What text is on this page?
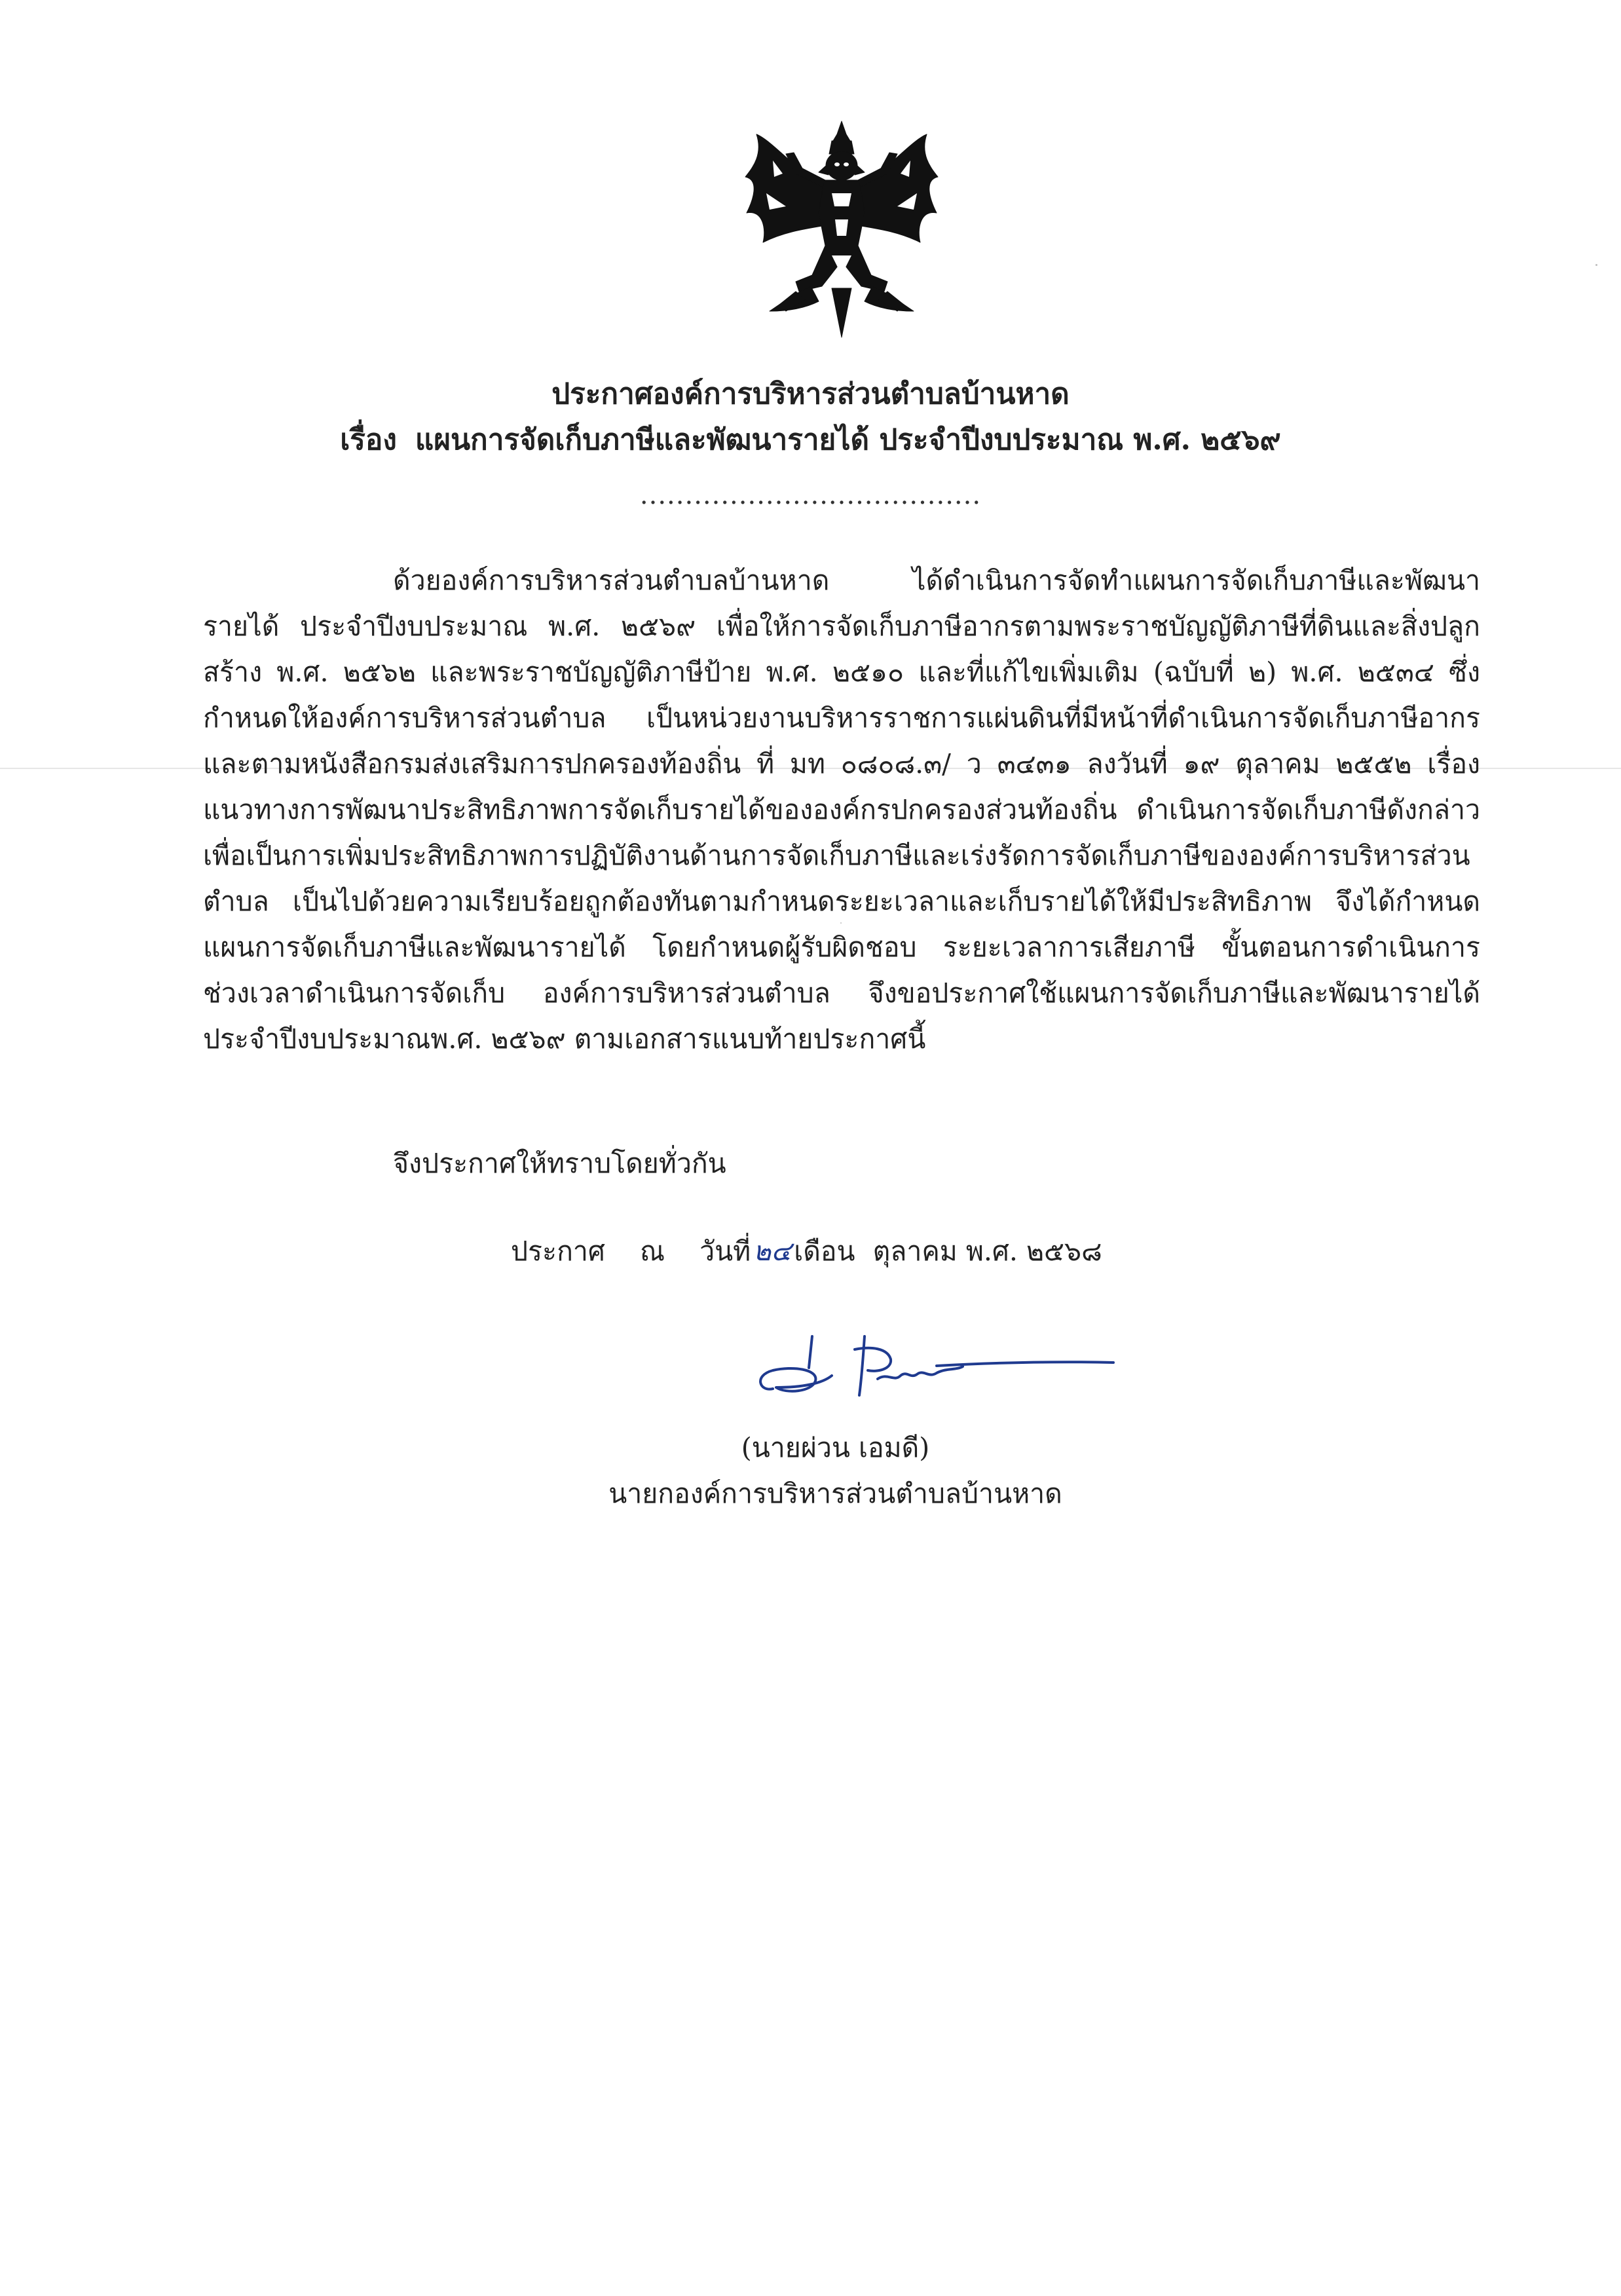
ประกาศองค์การบริหารส่วนตำบลบ้านหาด
เรื่อง แผนการจัดเก็บภาษีและพัฒนารายได้ ประจำปีงบประมาณ พ.ศ. ๒๕๖๙
......................................
ด้วยองค์การบริหารส่วนตำบลบ้านหาด ได้ดำเนินการจัดทำแผนการจัดเก็บภาษีและพัฒนา
รายได้ ประจำปีงบประมาณ พ.ศ. ๒๕๖๙ เพื่อให้การจัดเก็บภาษีอากรตามพระราชบัญญัติภาษีที่ดินและสิ่งปลูก
สร้าง พ.ศ. ๒๕๖๒ และพระราชบัญญัติภาษีป้าย พ.ศ. ๒๕๑๐ และที่แก้ไขเพิ่มเติม (ฉบับที่ ๒) พ.ศ. ๒๕๓๔ ซึ่ง
กำหนดให้องค์การบริหารส่วนตำบล เป็นหน่วยงานบริหารราชการแผ่นดินที่มีหน้าที่ดำเนินการจัดเก็บภาษีอากร
และตามหนังสือกรมส่งเสริมการปกครองท้องถิ่น ที่ มท ๐๘๐๘.๓/ ว ๓๔๓๑ ลงวันที่ ๑๙ ตุลาคม ๒๕๕๒ เรื่อง
แนวทางการพัฒนาประสิทธิภาพการจัดเก็บรายได้ขององค์กรปกครองส่วนท้องถิ่น ดำเนินการจัดเก็บภาษีดังกล่าว
เพื่อเป็นการเพิ่มประสิทธิภาพการปฏิบัติงานด้านการจัดเก็บภาษีและเร่งรัดการจัดเก็บภาษีขององค์การบริหารส่วน
ตำบล เป็นไปด้วยความเรียบร้อยถูกต้องทันตามกำหนดระยะเวลาและเก็บรายได้ให้มีประสิทธิภาพ จึงได้กำหนด
แผนการจัดเก็บภาษีและพัฒนารายได้ โดยกำหนดผู้รับผิดชอบ ระยะเวลาการเสียภาษี ขั้นตอนการดำเนินการ
ช่วงเวลาดำเนินการจัดเก็บ องค์การบริหารส่วนตำบล จึงขอประกาศใช้แผนการจัดเก็บภาษีและพัฒนารายได้
ประจำปีงบประมาณพ.ศ. ๒๕๖๙ ตามเอกสารแนบท้ายประกาศนี้
จึงประกาศให้ทราบโดยทั่วกัน
ประกาศ ณ วันที่๒๔เดือน ตุลาคม พ.ศ. ๒๕๖๘
(นายผ่วน เอมดี)
นายกองค์การบริหารส่วนตำบลบ้านหาด
